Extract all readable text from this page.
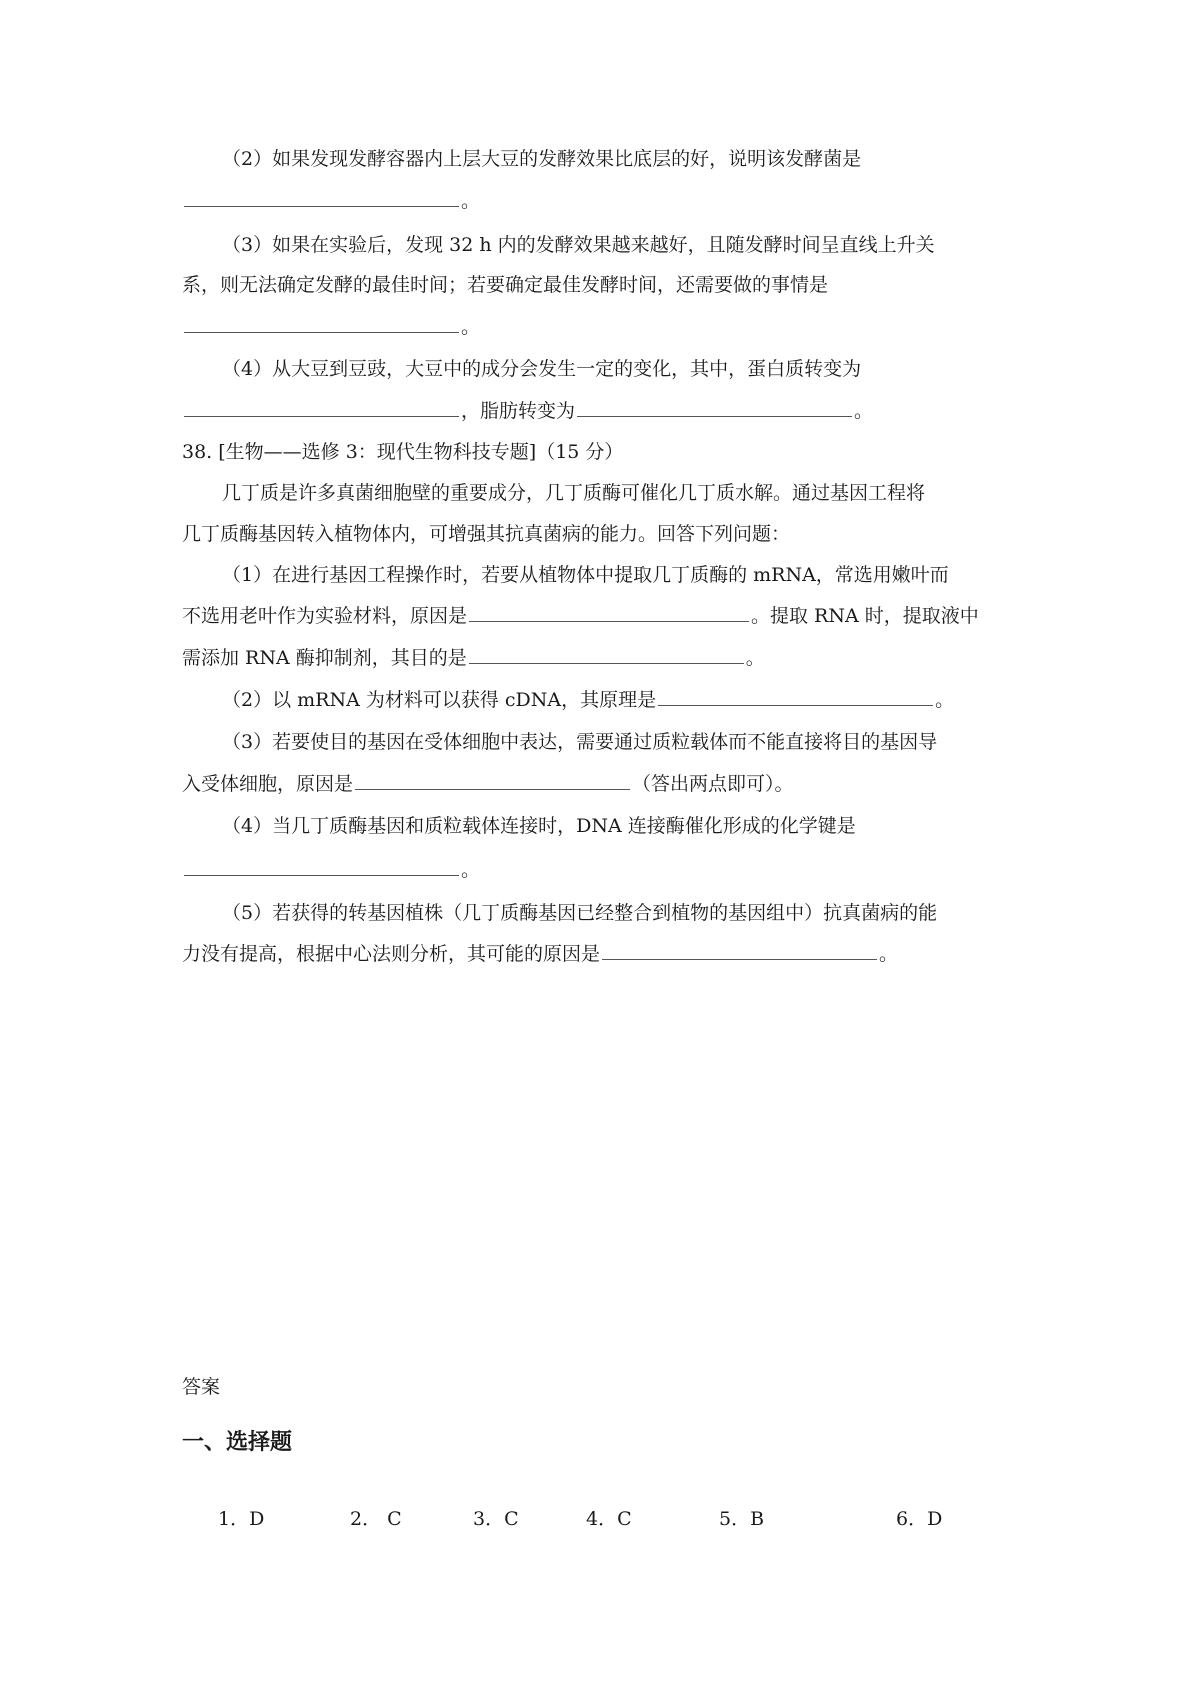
（2）如果发现发酵容器内上层大豆的发酵效果比底层的好，说明该发酵菌是
。
（3）如果在实验后，发现 32 h 内的发酵效果越来越好，且随发酵时间呈直线上升关
系，则无法确定发酵的最佳时间；若要确定最佳发酵时间，还需要做的事情是
。
（4）从大豆到豆豉，大豆中的成分会发生一定的变化，其中，蛋白质转变为
，脂肪转变为	。
38. [生物——选修 3：现代生物科技专题]（15 分）
几丁质是许多真菌细胞壁的重要成分，几丁质酶可催化几丁质水解。通过基因工程将
几丁质酶基因转入植物体内，可增强其抗真菌病的能力。回答下列问题：
（1）在进行基因工程操作时，若要从植物体中提取几丁质酶的 mRNA，常选用嫩叶而
不选用老叶作为实验材料，原因是	。提取 RNA 时，提取液中
需添加 RNA 酶抑制剂，其目的是	。
（2）以 mRNA 为材料可以获得 cDNA，其原理是	。
（3）若要使目的基因在受体细胞中表达，需要通过质粒载体而不能直接将目的基因导
入受体细胞，原因是	（答出两点即可）。
（4）当几丁质酶基因和质粒载体连接时，DNA 连接酶催化形成的化学键是
。
（5）若获得的转基因植株（几丁质酶基因已经整合到植物的基因组中）抗真菌病的能
力没有提高，根据中心法则分析，其可能的原因是	。
答案
一、选择题
1．D	2． C	3．C	4．C	5．B	6．D
